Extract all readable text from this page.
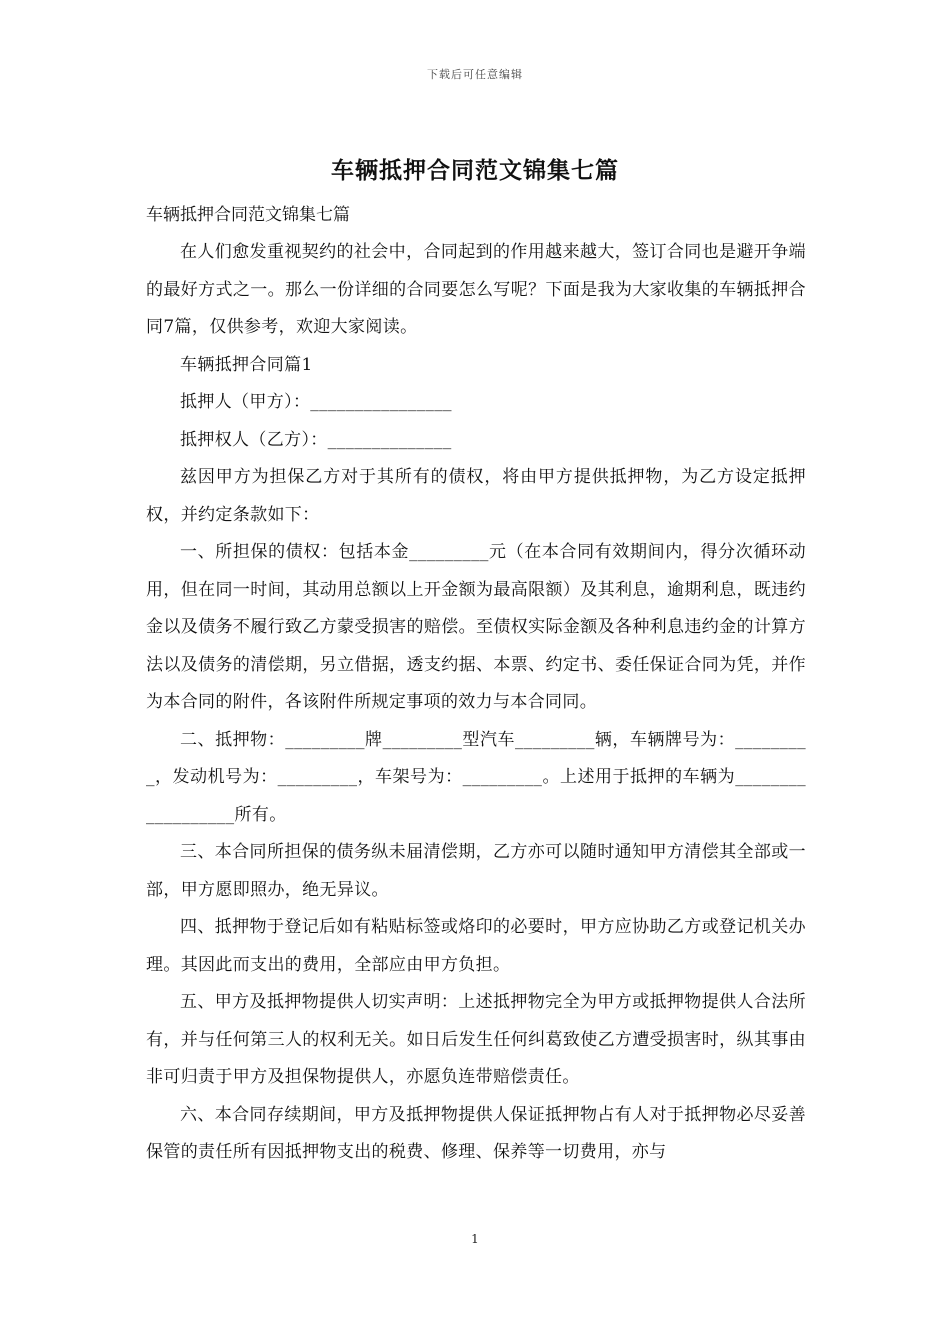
下载后可任意编辑
车辆抵押合同范文锦集七篇
车辆抵押合同范文锦集七篇

在人们愈发重视契约的社会中，合同起到的作用越来越大，签订合同也是避开争端的最好方式之一。那么一份详细的合同要怎么写呢？下面是我为大家收集的车辆抵押合同7篇，仅供参考，欢迎大家阅读。

车辆抵押合同篇1

抵押人（甲方）：________________

抵押权人（乙方）：______________

兹因甲方为担保乙方对于其所有的债权，将由甲方提供抵押物，为乙方设定抵押权，并约定条款如下：

一、所担保的债权：包括本金_________元（在本合同有效期间内，得分次循环动用，但在同一时间，其动用总额以上开金额为最高限额）及其利息，逾期利息，既违约金以及债务不履行致乙方蒙受损害的赔偿。至债权实际金额及各种利息违约金的计算方法以及债务的清偿期，另立借据，透支约据、本票、约定书、委任保证合同为凭，并作为本合同的附件，各该附件所规定事项的效力与本合同同。

二、抵押物：_________牌_________型汽车_________辆，车辆牌号为：_________，发动机号为：_________，车架号为：_________。上述用于抵押的车辆为__________________所有。

三、本合同所担保的债务纵未届清偿期，乙方亦可以随时通知甲方清偿其全部或一部，甲方愿即照办，绝无异议。

四、抵押物于登记后如有粘贴标签或烙印的必要时，甲方应协助乙方或登记机关办理。其因此而支出的费用，全部应由甲方负担。

五、甲方及抵押物提供人切实声明：上述抵押物完全为甲方或抵押物提供人合法所有，并与任何第三人的权利无关。如日后发生任何纠葛致使乙方遭受损害时，纵其事由非可归责于甲方及担保物提供人，亦愿负连带赔偿责任。

六、本合同存续期间，甲方及抵押物提供人保证抵押物占有人对于抵押物必尽妥善保管的责任所有因抵押物支出的税费、修理、保养等一切费用，亦与

1
